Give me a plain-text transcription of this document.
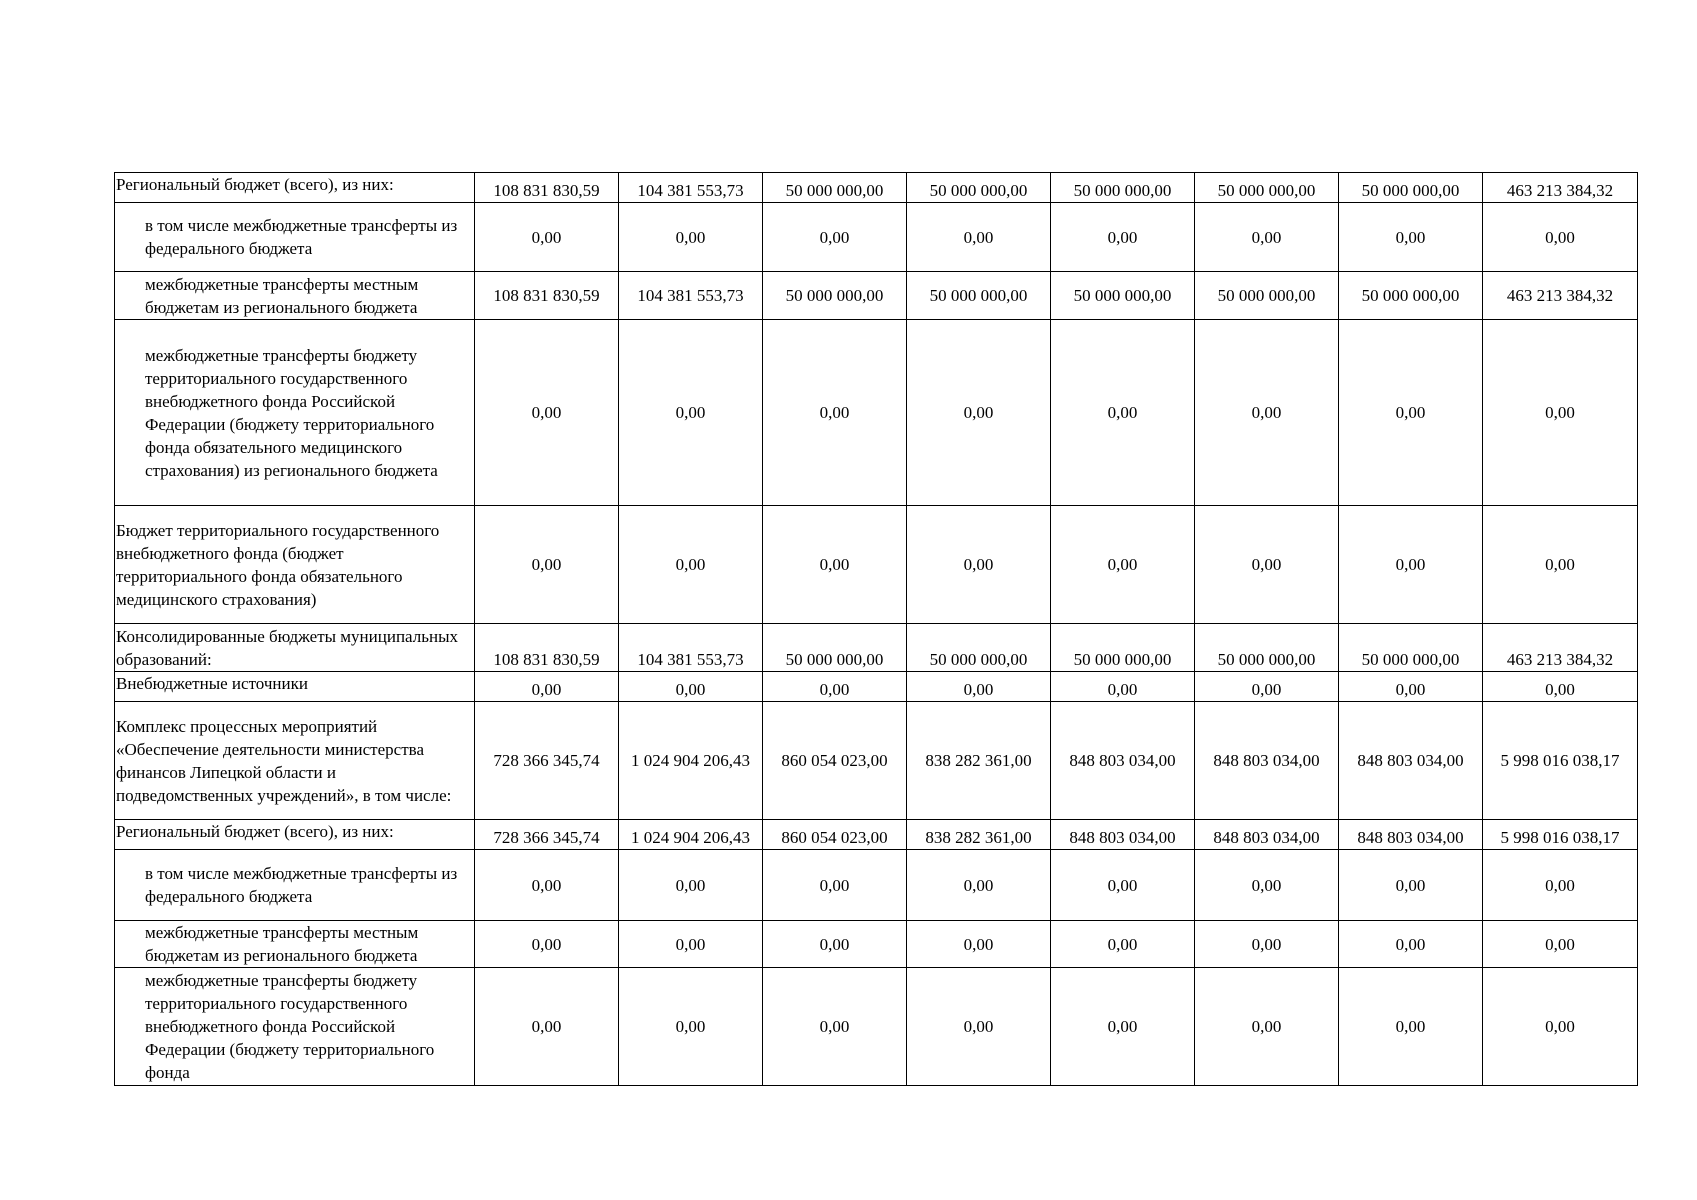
Региональный бюджет (всего), из них:	108 831 830,59	104 381 553,73	50 000 000,00	50 000 000,00	50 000 000,00	50 000 000,00	50 000 000,00	463 213 384,32
в том числе межбюджетные трансферты из федерального бюджета	0,00	0,00	0,00	0,00	0,00	0,00	0,00	0,00
межбюджетные трансферты местным бюджетам из регионального бюджета	108 831 830,59	104 381 553,73	50 000 000,00	50 000 000,00	50 000 000,00	50 000 000,00	50 000 000,00	463 213 384,32
межбюджетные трансферты бюджету территориального государственного внебюджетного фонда Российской Федерации (бюджету территориального фонда обязательного медицинского страхования) из регионального бюджета	0,00	0,00	0,00	0,00	0,00	0,00	0,00	0,00
Бюджет территориального государственного внебюджетного фонда (бюджет территориального фонда обязательного медицинского страхования)	0,00	0,00	0,00	0,00	0,00	0,00	0,00	0,00
Консолидированные бюджеты муниципальных образований:	108 831 830,59	104 381 553,73	50 000 000,00	50 000 000,00	50 000 000,00	50 000 000,00	50 000 000,00	463 213 384,32
Внебюджетные источники	0,00	0,00	0,00	0,00	0,00	0,00	0,00	0,00
Комплекс процессных мероприятий «Обеспечение деятельности министерства финансов Липецкой области и подведомственных учреждений», в том числе:	728 366 345,74	1 024 904 206,43	860 054 023,00	838 282 361,00	848 803 034,00	848 803 034,00	848 803 034,00	5 998 016 038,17
Региональный бюджет (всего), из них:	728 366 345,74	1 024 904 206,43	860 054 023,00	838 282 361,00	848 803 034,00	848 803 034,00	848 803 034,00	5 998 016 038,17
в том числе межбюджетные трансферты из федерального бюджета	0,00	0,00	0,00	0,00	0,00	0,00	0,00	0,00
межбюджетные трансферты местным бюджетам из регионального бюджета	0,00	0,00	0,00	0,00	0,00	0,00	0,00	0,00
межбюджетные трансферты бюджету территориального государственного внебюджетного фонда Российской Федерации (бюджету территориального фонда	0,00	0,00	0,00	0,00	0,00	0,00	0,00	0,00
